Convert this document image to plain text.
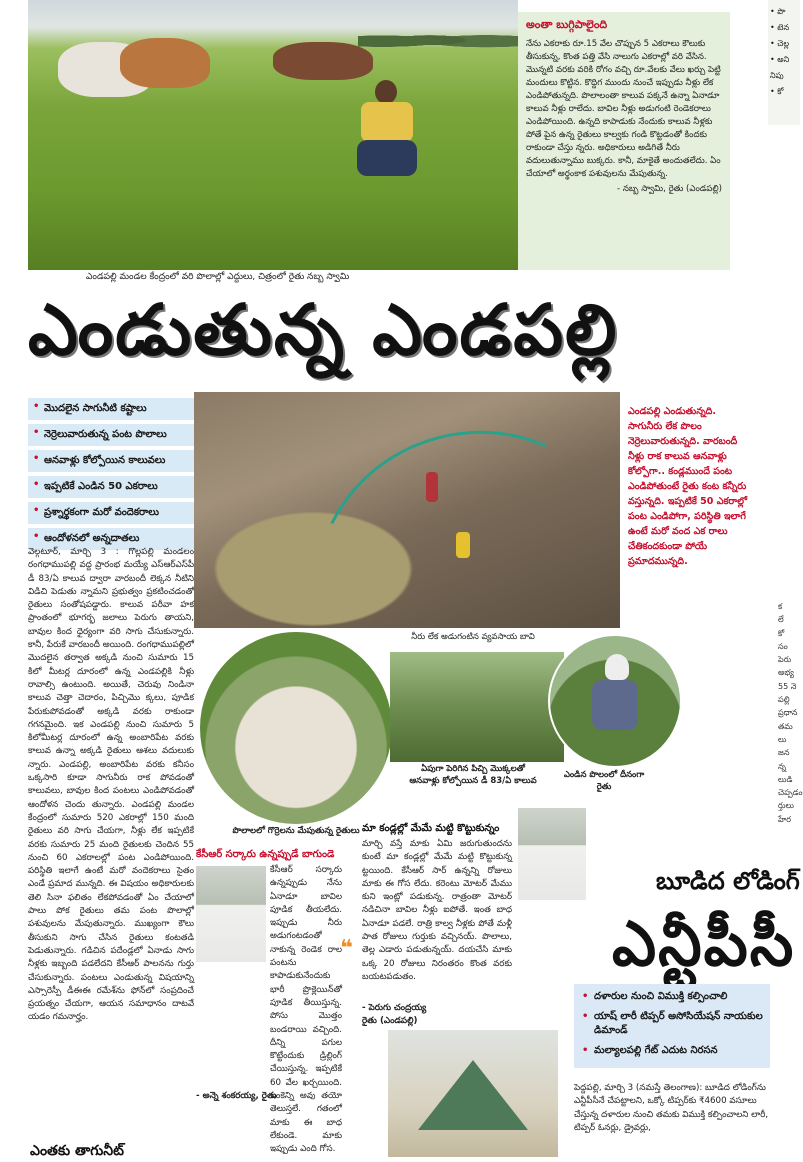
ఎండపల్లి మండల కేంద్రంలో వరి పొలాల్లో ఎద్దులు, చిత్రంలో రైతు నబ్బ స్వామి
అంతా బుగ్గిపాలైంది
నేను ఎకరాకు రూ.15 వేల చొప్పున 5 ఎకరాలు కౌలుకు తీసుకున్న, కొంత పత్తి వేసి నాలుగు ఎకరాల్లో వరి వేసిన. మొన్నటి వరకు వరికి రోగం వచ్చి రూ.వేలకు వేలు ఖర్చు పెట్టి మందులు కొట్టిన. కొద్దిగ ముందు నుంచే ఇప్పుడు నీళ్లు లేక ఎండిపోతున్నది. పొలాలంతా కాలువ పక్కనే ఉన్నా ఏనాడూ కాలువ నీళ్లు రాలేదు. బావిల నీళ్లు అడుగంటి రెండెకరాలు ఎండిపోయింది. ఉన్నది కాపాడుకు నేందుకు కాలువ నీళ్లకు పోతే పైన ఉన్న రైతులు కాల్వకు గండి కొట్టడంతో కిందకు రాకుండా చేస్తు న్నరు. అధికారులు అడిగితే నీరు వదులుతున్నాము బుక్కరు. కానీ, మాకైతే అందుతలేదు. ఏం చేయాలో అర్థంకాక పశువులను మేపుతున్న.
- నబ్బ స్వామి, రైతు (ఎండపల్లి)
• పొ
• టెన
• చెల్ల
• అని
నిపు
• కో
ఎండుతున్న ఎండపల్లి
• మొదలైన సాగునీటి కష్టాలు
• నెర్రెలువారుతున్న పంట పొలాలు
• ఆనవాళ్లు కోల్పోయిన కాలువలు
• ఇప్పటికే ఎండిన 50 ఎకరాలు
• ప్రశ్నార్థకంగా మరో వందెకరాలు
• ఆందోళనలో అన్నదాతలు
ఎండపల్లి ఎండుతున్నది. సాగునీరు లేక పొలం నెర్రెలువారుతున్నది. వారబందీ నీళ్లు రాక కాలువ ఆనవాళ్లు కోల్పోగా.. కండ్లముందే పంట ఎండిపోతుంటే రైతు కంట కన్నీరు వస్తున్నది. ఇప్పటికే 50 ఎకరాల్లో పంట ఎండిపోగా, పరిస్థితి ఇలాగే ఉంటే మరో వంద ఎక రాలు చేతికందకుండా పోయే ప్రమాదమున్నది.
వెల్గటూర్, మార్చి 3 : గొల్లపల్లి మండలం రంగధాముపల్లి వద్ద ప్రారంభ మయ్యే ఎస్‌ఆర్‌ఎస్‌పీ డీ 83/ఏ కాలువ ద్వారా వారబందీ లెక్కన నీటిని విడిచి పెడుతు న్నామని ప్రభుత్వం ప్రకటించడంతో రైతులు సంతోషపడ్డారు. కాలువ పరీవా హక ప్రాంతంలో భూగర్భ జలాలు పెరుగు తాయని, బావుల కింద ధైర్యంగా వరి సాగు చేసుకున్నారు. కానీ, పేరుకే వారబందీ అయింది. రంగధాముపల్లిలో మొదలైన తర్వాత అక్కడి నుంచి సుమారు 15 కిలో మీటర్ల దూరంలో ఉన్న ఎండపల్లికి నీళ్లు రావాల్సి ఉంటుంది. అయితే, చెరువు నిండినా కాలువ చెత్తా చెదారం, పిచ్చిమొ క్కలు, పూడిక పేరుకుపోవడంతో అక్కడి వరకు రాకుండా గగనమైంది. ఇక ఎండపల్లి నుంచి సుమారు 5 కిలోమీటర్ల దూరంలో ఉన్న అంబారిపేట వరకు కాలువ ఉన్నా అక్కడి రైతులు ఆశలు వదులుకు న్నారు. ఎండపల్లి, అంబారిపేట వరకు కనీసం ఒక్కసారి కూడా సాగునీరు రాక పోవడంతో కాలువలు, బావుల కింద పంటలు ఎండిపోవడంతో ఆందోళన చెందు తున్నారు. ఎండపల్లి మండల కేంద్రంలో సుమారు 520 ఎకరాల్లో 150 మంది రైతులు వరి సాగు చేయగా, నీళ్లు లేక ఇప్పటికే వరకు సుమారు 25 మంది రైతులకు చెందిన 55 నుంచి 60 ఎకరాలల్లో పంట ఎండిపోయింది. పరిస్థితి ఇలాగే ఉంటే మరో వందెకరాలు సైతం ఎండే ప్రమాద మున్నది. ఈ విషయం అధికారులకు తెలి సినా ఫలితం లేకపోవడంతో ఏం చేయాలో పాలు పోక రైతులు తమ పంట పొలాల్లో పశువులను మేపుతున్నారు. ముఖ్యంగా కౌలు తీసుకుని సాగు చేసిన రైతులు కంటతడి పెడుతున్నారు. గడిచిన పదేండ్లలో ఏనాడు సాగు నీళ్లకు ఇబ్బంది పడలేదని కేసీఆర్ పాలనను గుర్తు చేసుకున్నారు. పంటలు ఎండుతున్న విషయాన్ని ఎస్సారెస్పీ డీఈఈ రమేశ్‌ను ఫోన్‌లో సంప్రదించే ప్రయత్నం చేయగా, ఆయన సమాధానం దాటవే యడం గమనార్హం.
నీరు లేక అడుగంటిన వ్యవసాయ బావి
ఏపుగా పెరిగిన పిచ్చి మొక్కలతో ఆనవాళ్లు కోల్పోయిన డీ 83/ఏ కాలువ
ఎండిన పొలంలో దీనంగా రైతు
పొలాలలో గొర్రెలను మేపుతున్న రైతులు
కేసీఆర్ సర్కారు ఉన్నప్పుడే బాగుండె
కేసీఆర్ సర్కారు ఉన్నప్పుడు నేను ఏనాడూ బావిల పూడిక తీయలేదు. ఇప్పుడు నీరు అడుగంటడంతో నాకున్న రెండెక రాల పంటను కాపాడుకునేందుకు భారీ ప్రొక్లెయిన్‌తో పూడిక తీయిస్తున్న. పోసు మొత్తం బండరాయి వచ్చింది. దీన్ని పగుల కొట్టేందుకు డ్రిల్లింగ్ చేయిస్తున్న. ఇప్పటికే 60 వేల ఖర్చయింది. ఇంకెన్ని అవు తయో తెలుస్తలే. గతంలో మాకు ఈ బాధ లేకుండె. మాకు ఇప్పుడు ఎంది గోస.
- అన్నె శంకరయ్య, రైతు
❝
మా కండ్లల్లో మేమే మట్టి కొట్టుకున్నం
మార్చి వస్తే మాకు ఏమి జరుగుతుందను కుంటే మా కండ్లల్లో మేమే మట్టి కొట్టుకున్న ట్టయింది. కేసీఆర్ సార్ ఉన్నన్ని రోజులు మాకు ఈ గోస లేదు. కరెంటు మోటర్ మేము కుని ఇంట్లో పడుకున్న. రాత్రంతా మోటర్ నడిచినా బావిల నీళ్లు ఐపోతే. ఇంత బాధ ఏనాడూ పడలే. రాత్రి కాల్వ నీళ్లకు పోతే మళ్లీ పాత రోజులు గుర్తుకు వచ్చినయ్. పొలాలు, తెల్ల ఎడారు పడుతున్నయ్. దయచేసి మాకు ఒక్క 20 రోజులు నిరంతరం కొంత వరకు బయటపడుతం.
- పెరుగు చంద్రయ్య
రైతు (ఎండపల్లి)
బూడిద లోడింగ్
ఎన్టీపీసీ
• దళారుల నుంచి విముక్తి కల్పించాలి
• యాష్ లారీ టిప్పర్ అసోసియేషన్ నాయకుల డిమాండ్
• మల్యాలపల్లి గేట్ ఎదుట నిరసన
పెద్దపల్లి, మార్చి 3 (నమస్తే తెలంగాణ): బూడిద లోడింగ్‌ను ఎన్టీపీసీనే చేపట్టాలని, ఒక్కో టిప్పర్‌కు ₹4600 వసూలు చేస్తున్న దళారుల నుంచి తమకు విముక్తి కల్పించాలని లారీ, టిప్పర్ ఓనర్లు, డ్రైవర్లు,
క
లే
కో
సం
పెరు
అభ్య
55 నె
పల్లి
ప్రధాన
తమ
లు
జన
న్న
లుడి
చెప్పడం
ర్తులు
హేర
ఎంతకు తాగునీట్
